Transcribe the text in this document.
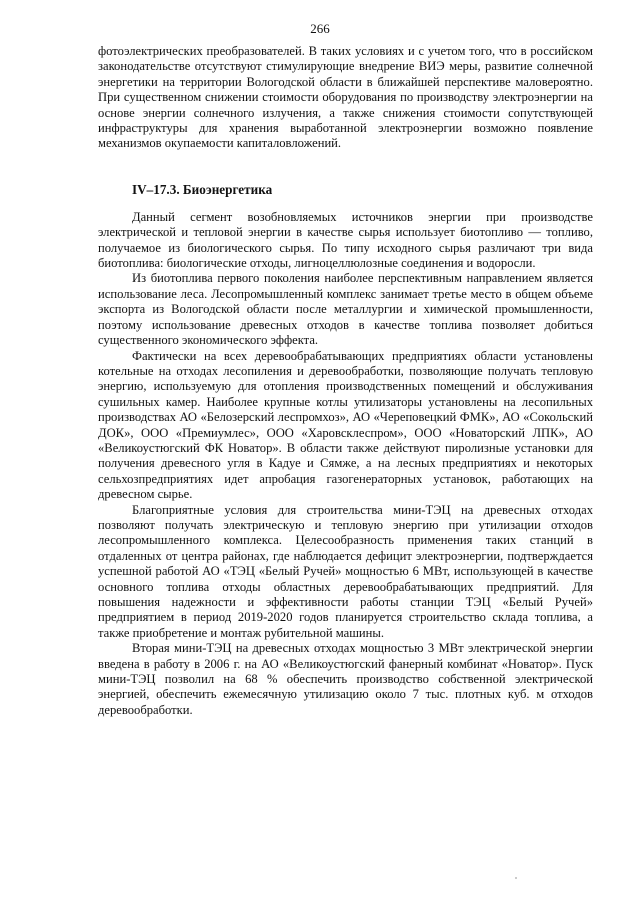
266

фотоэлектрических преобразователей. В таких условиях и с учетом того, что в российском законодательстве отсутствуют стимулирующие внедрение ВИЭ меры, развитие солнечной энергетики на территории Вологодской области в ближайшей перспективе маловероятно. При существенном снижении стоимости оборудования по производству электроэнергии на основе энергии солнечного излучения, а также снижения стоимости сопутствующей инфраструктуры для хранения выработанной электроэнергии возможно появление механизмов окупаемости капиталовложений.

IV–17.3. Биоэнергетика

Данный сегмент возобновляемых источников энергии при производстве электрической и тепловой энергии в качестве сырья использует биотопливо — топливо, получаемое из биологического сырья. По типу исходного сырья различают три вида биотоплива: биологические отходы, лигноцеллюлозные соединения и водоросли.

Из биотоплива первого поколения наиболее перспективным направлением является использование леса. Лесопромышленный комплекс занимает третье место в общем объеме экспорта из Вологодской области после металлургии и химической промышленности, поэтому использование древесных отходов в качестве топлива позволяет добиться существенного экономического эффекта.

Фактически на всех деревообрабатывающих предприятиях области установлены котельные на отходах лесопиления и деревообработки, позволяющие получать тепловую энергию, используемую для отопления производственных помещений и обслуживания сушильных камер. Наиболее крупные котлы утилизаторы установлены на лесопильных производствах АО «Белозерский леспромхоз», АО «Череповецкий ФМК», АО «Сокольский ДОК», ООО «Премиумлес», ООО «Харовсклеспром», ООО «Новаторский ЛПК», АО «Великоустюгский ФК Новатор». В области также действуют пиролизные установки для получения древесного угля в Кадуе и Сямже, а на лесных предприятиях и некоторых сельхозпредприятиях идет апробация газогенераторных установок, работающих на древесном сырье.

Благоприятные условия для строительства мини-ТЭЦ на древесных отходах позволяют получать электрическую и тепловую энергию при утилизации отходов лесопромышленного комплекса. Целесообразность применения таких станций в отдаленных от центра районах, где наблюдается дефицит электроэнергии, подтверждается успешной работой АО «ТЭЦ «Белый Ручей» мощностью 6 МВт, использующей в качестве основного топлива отходы областных деревообрабатывающих предприятий. Для повышения надежности и эффективности работы станции ТЭЦ «Белый Ручей» предприятием в период 2019-2020 годов планируется строительство склада топлива, а также приобретение и монтаж рубительной машины.

Вторая мини-ТЭЦ на древесных отходах мощностью 3 МВт электрической энергии введена в работу в 2006 г. на АО «Великоустюгский фанерный комбинат «Новатор». Пуск мини-ТЭЦ позволил на 68 % обеспечить производство собственной электрической энергией, обеспечить ежемесячную утилизацию около 7 тыс. плотных куб. м отходов деревообработки.
